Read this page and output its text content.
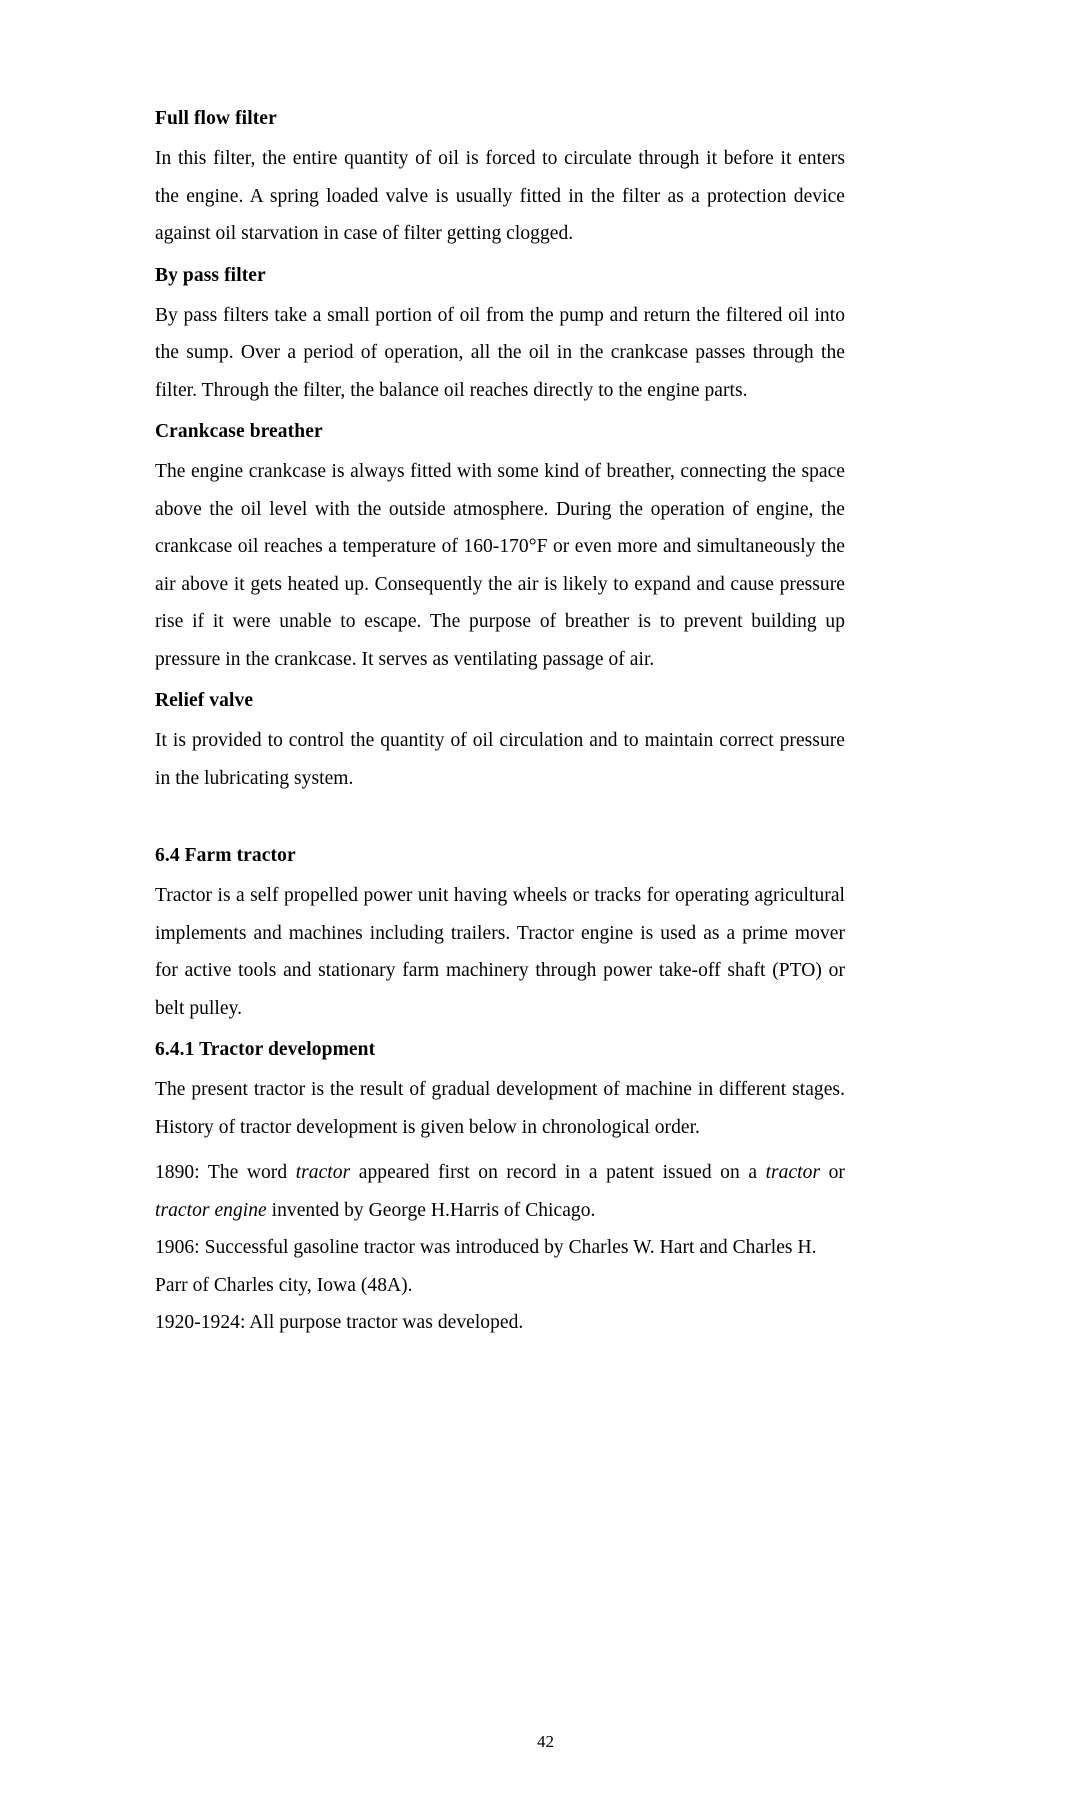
Full flow filter

In this filter, the entire quantity of oil is forced to circulate through it before it enters the engine. A spring loaded valve is usually fitted in the filter as a protection device against oil starvation in case of filter getting clogged.

By pass filter

By pass filters take a small portion of oil from the pump and return the filtered oil into the sump. Over a period of operation, all the oil in the crankcase passes through the filter. Through the filter, the balance oil reaches directly to the engine parts.

Crankcase breather

The engine crankcase is always fitted with some kind of breather, connecting the space above the oil level with the outside atmosphere. During the operation of engine, the crankcase oil reaches a temperature of 160-170°F or even more and simultaneously the air above it gets heated up. Consequently the air is likely to expand and cause pressure rise if it were unable to escape. The purpose of breather is to prevent building up pressure in the crankcase. It serves as ventilating passage of air.

Relief valve

It is provided to control the quantity of oil circulation and to maintain correct pressure in the lubricating system.

6.4 Farm tractor

Tractor is a self propelled power unit having wheels or tracks for operating agricultural implements and machines including trailers. Tractor engine is used as a prime mover for active tools and stationary farm machinery through power take-off shaft (PTO) or belt pulley.

6.4.1 Tractor development

The present tractor is the result of gradual development of machine in different stages. History of tractor development is given below in chronological order.

1890: The word tractor appeared first on record in a patent issued on a tractor or tractor engine invented by George H.Harris of Chicago.

1906: Successful gasoline tractor was introduced by Charles W. Hart and Charles H. Parr of Charles city, Iowa (48A).

1920-1924: All purpose tractor was developed.

42
